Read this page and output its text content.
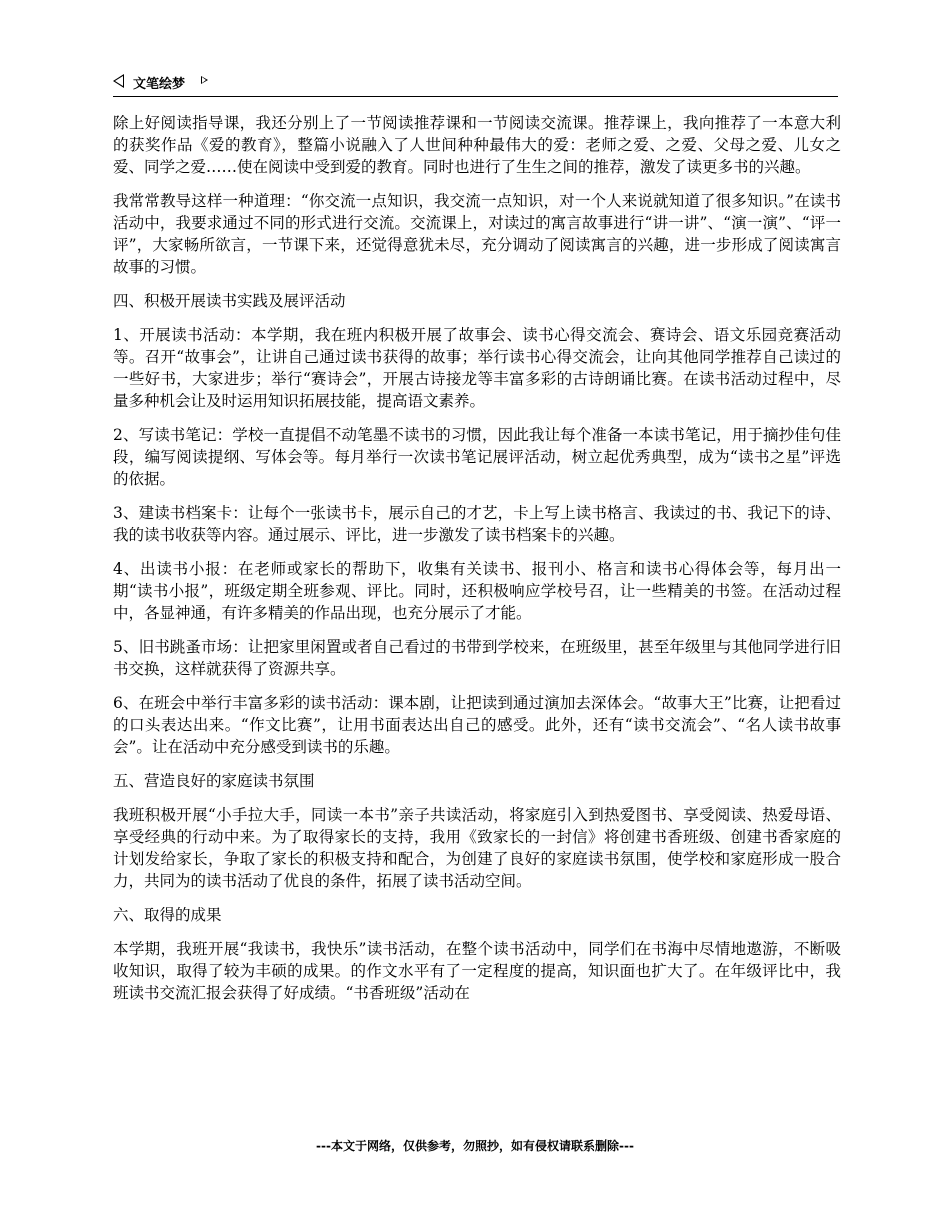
文笔绘梦

除上好阅读指导课，我还分别上了一节阅读推荐课和一节阅读交流课。推荐课上，我向推荐了一本意大利的获奖作品《爱的教育》，整篇小说融入了人世间种种最伟大的爱：老师之爱、之爱、父母之爱、儿女之爱、同学之爱……使在阅读中受到爱的教育。同时也进行了生生之间的推荐，激发了读更多书的兴趣。

我常常教导这样一种道理：“你交流一点知识，我交流一点知识，对一个人来说就知道了很多知识。”在读书活动中，我要求通过不同的形式进行交流。交流课上，对读过的寓言故事进行“讲一讲”、“演一演”、“评一评”，大家畅所欲言，一节课下来，还觉得意犹未尽，充分调动了阅读寓言的兴趣，进一步形成了阅读寓言故事的习惯。

四、积极开展读书实践及展评活动

1、开展读书活动：本学期，我在班内积极开展了故事会、读书心得交流会、赛诗会、语文乐园竞赛活动等。召开“故事会”，让讲自己通过读书获得的故事；举行读书心得交流会，让向其他同学推荐自己读过的一些好书，大家进步；举行“赛诗会”，开展古诗接龙等丰富多彩的古诗朗诵比赛。在读书活动过程中，尽量多种机会让及时运用知识拓展技能，提高语文素养。

2、写读书笔记：学校一直提倡不动笔墨不读书的习惯，因此我让每个准备一本读书笔记，用于摘抄佳句佳段，编写阅读提纲、写体会等。每月举行一次读书笔记展评活动，树立起优秀典型，成为“读书之星”评选的依据。

3、建读书档案卡：让每个一张读书卡，展示自己的才艺，卡上写上读书格言、我读过的书、我记下的诗、我的读书收获等内容。通过展示、评比，进一步激发了读书档案卡的兴趣。

4、出读书小报：在老师或家长的帮助下，收集有关读书、报刊小、格言和读书心得体会等，每月出一期“读书小报”，班级定期全班参观、评比。同时，还积极响应学校号召，让一些精美的书签。在活动过程中，各显神通，有许多精美的作品出现，也充分展示了才能。

5、旧书跳蚤市场：让把家里闲置或者自己看过的书带到学校来，在班级里，甚至年级里与其他同学进行旧书交换，这样就获得了资源共享。

6、在班会中举行丰富多彩的读书活动：课本剧，让把读到通过演加去深体会。“故事大王”比赛，让把看过的口头表达出来。“作文比赛”，让用书面表达出自己的感受。此外，还有“读书交流会”、“名人读书故事会”。让在活动中充分感受到读书的乐趣。

五、营造良好的家庭读书氛围

我班积极开展“小手拉大手，同读一本书”亲子共读活动，将家庭引入到热爱图书、享受阅读、热爱母语、享受经典的行动中来。为了取得家长的支持，我用《致家长的一封信》将创建书香班级、创建书香家庭的计划发给家长，争取了家长的积极支持和配合，为创建了良好的家庭读书氛围，使学校和家庭形成一股合力，共同为的读书活动了优良的条件，拓展了读书活动空间。

六、取得的成果

本学期，我班开展“我读书，我快乐”读书活动，在整个读书活动中，同学们在书海中尽情地遨游，不断吸收知识，取得了较为丰硕的成果。的作文水平有了一定程度的提高，知识面也扩大了。在年级评比中，我班读书交流汇报会获得了好成绩。“书香班级”活动在

---本文于网络，仅供参考，勿照抄，如有侵权请联系删除---
